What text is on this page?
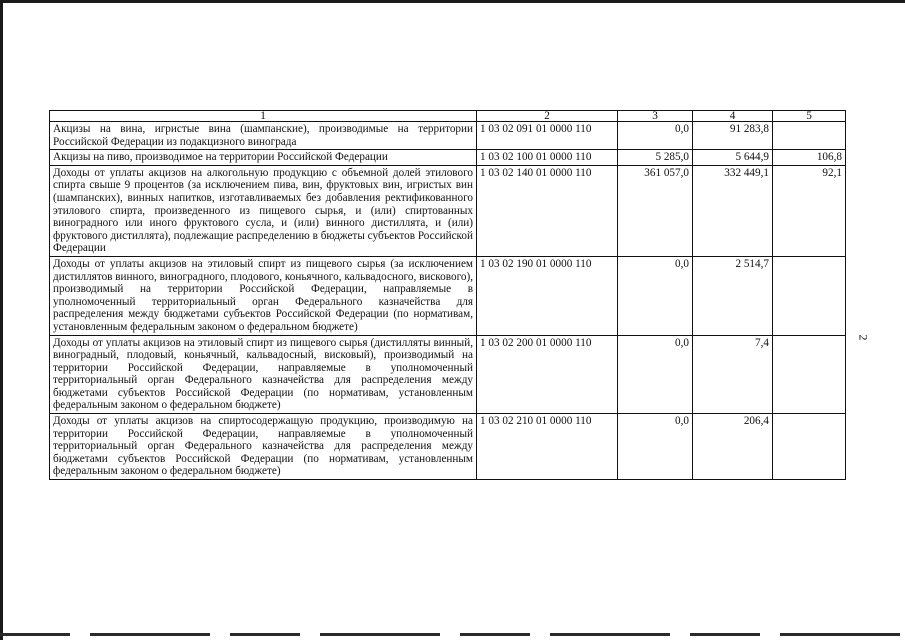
1	2	3	4	5
Акцизы на вина, игристые вина (шампанские), производимые на территории Российской Федерации из подакцизного винограда	1 03 02 091 01 0000 110	0,0	91 283,8	
Акцизы на пиво, производимое на территории Российской Федерации	1 03 02 100 01 0000 110	5 285,0	5 644,9	106,8
Доходы от уплаты акцизов на алкогольную продукцию с объемной долей этилового спирта свыше 9 процентов (за исключением пива, вин, фруктовых вин, игристых вин (шампанских), винных напитков, изготавливаемых без добавления ректификованного этилового спирта, произведенного из пищевого сырья, и (или) спиртованных виноградного или иного фруктового сусла, и (или) винного дистиллята, и (или) фруктового дистиллята), подлежащие распределению в бюджеты субъектов Российской Федерации	1 03 02 140 01 0000 110	361 057,0	332 449,1	92,1
Доходы от уплаты акцизов на этиловый спирт из пищевого сырья (за исключением дистиллятов винного, виноградного, плодового, коньячного, кальвадосного, вискового), производимый на территории Российской Федерации, направляемые в уполномоченный территориальный орган Федерального казначейства для распределения между бюджетами субъектов Российской Федерации (по нормативам, установленным федеральным законом о федеральном бюджете)	1 03 02 190 01 0000 110	0,0	2 514,7	
Доходы от уплаты акцизов на этиловый спирт из пищевого сырья (дистилляты винный, виноградный, плодовый, коньячный, кальвадосный, висковый), производимый на территории Российской Федерации, направляемые в уполномоченный территориальный орган Федерального казначейства для распределения между бюджетами субъектов Российской Федерации (по нормативам, установленным федеральным законом о федеральном бюджете)	1 03 02 200 01 0000 110	0,0	7,4	
Доходы от уплаты акцизов на спиртосодержащую продукцию, производимую на территории Российской Федерации, направляемые в уполномоченный территориальный орган Федерального казначейства для распределения между бюджетами субъектов Российской Федерации (по нормативам, установленным федеральным законом о федеральном бюджете)	1 03 02 210 01 0000 110	0,0	206,4	
2
